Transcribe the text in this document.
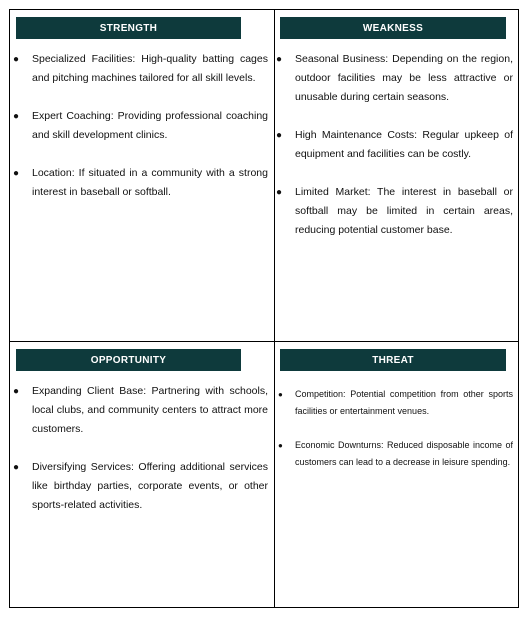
STRENGTH
● Specialized Facilities: High-quality batting cages and pitching machines tailored for all skill levels.
● Expert Coaching: Providing professional coaching and skill development clinics.
● Location: If situated in a community with a strong interest in baseball or softball.
WEAKNESS
● Seasonal Business: Depending on the region, outdoor facilities may be less attractive or unusable during certain seasons.
● High Maintenance Costs: Regular upkeep of equipment and facilities can be costly.
● Limited Market: The interest in baseball or softball may be limited in certain areas, reducing potential customer base.
OPPORTUNITY
● Expanding Client Base: Partnering with schools, local clubs, and community centers to attract more customers.
● Diversifying Services: Offering additional services like birthday parties, corporate events, or other sports-related activities.
THREAT
● Competition: Potential competition from other sports facilities or entertainment venues.
● Economic Downturns: Reduced disposable income of customers can lead to a decrease in leisure spending.
